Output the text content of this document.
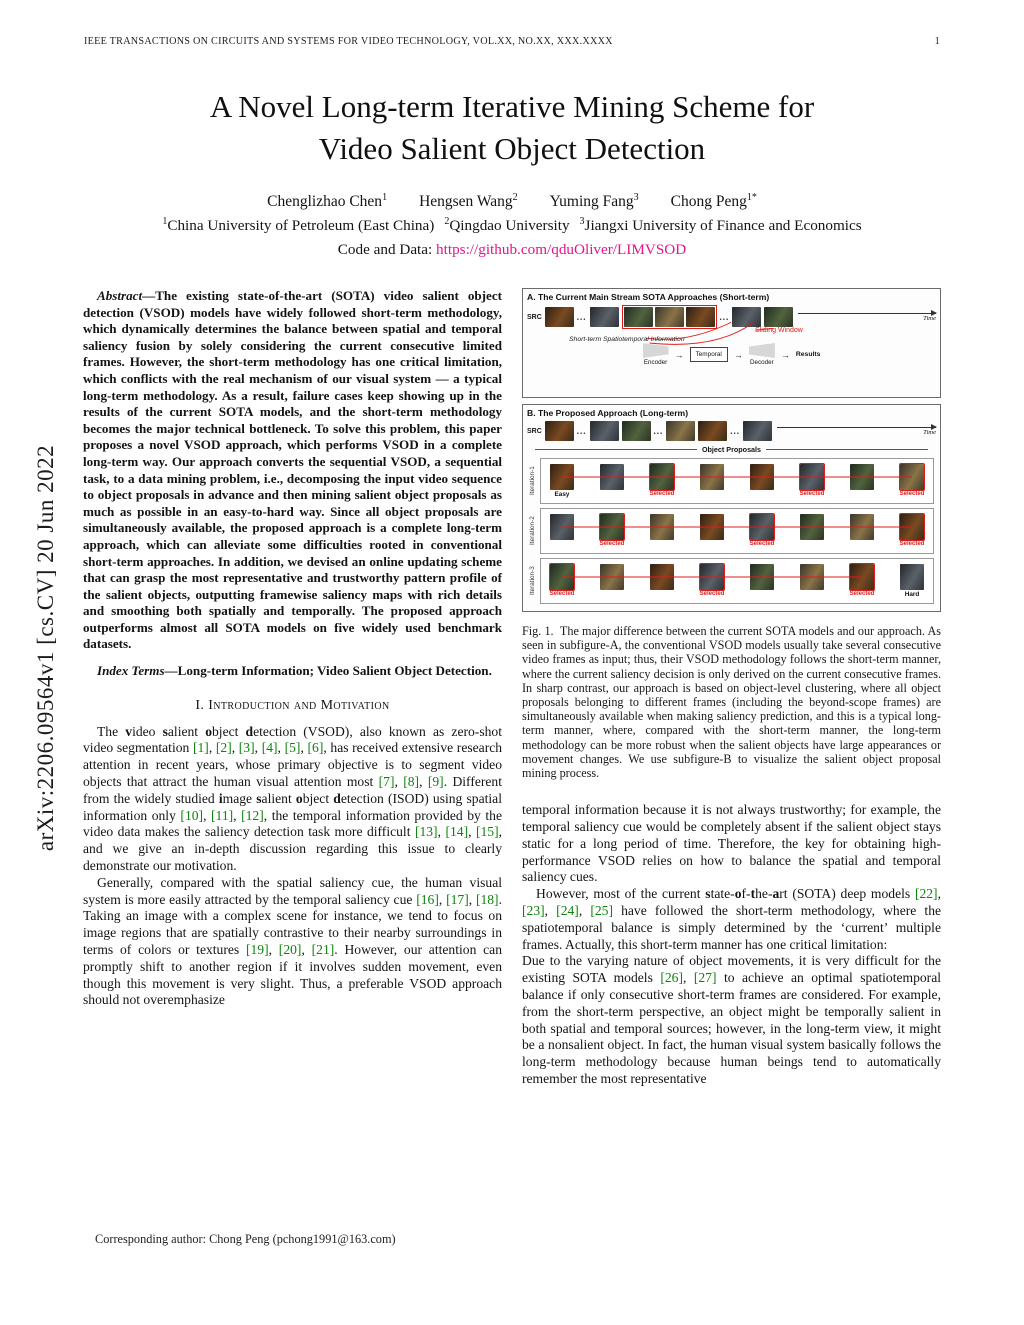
IEEE TRANSACTIONS ON CIRCUITS AND SYSTEMS FOR VIDEO TECHNOLOGY, VOL.XX, NO.XX, XXX.XXXX	1
arXiv:2206.09564v1 [cs.CV] 20 Jun 2022
A Novel Long-term Iterative Mining Scheme for
Video Salient Object Detection
Chenglizhao Chen$^1$ Hengsen Wang$^2$ Yuming Fang$^3$ Chong Peng$^{1*}$
$^1$China University of Petroleum (East China) $^2$Qingdao University $^3$Jiangxi University of Finance and Economics
Code and Data: https://github.com/qduOliver/LIMVSOD

Abstract—The existing state-of-the-art (SOTA) video salient object detection (VSOD) models have widely followed short-term methodology, which dynamically determines the balance between spatial and temporal saliency fusion by solely considering the current consecutive limited frames. However, the short-term methodology has one critical limitation, which conflicts with the real mechanism of our visual system — a typical long-term methodology. As a result, failure cases keep showing up in the results of the current SOTA models, and the short-term methodology becomes the major technical bottleneck. To solve this problem, this paper proposes a novel VSOD approach, which performs VSOD in a complete long-term way. Our approach converts the sequential VSOD, a sequential task, to a data mining problem, i.e., decomposing the input video sequence to object proposals in advance and then mining salient object proposals as much as possible in an easy-to-hard way. Since all object proposals are simultaneously available, the proposed approach is a complete long-term approach, which can alleviate some difficulties rooted in conventional short-term approaches. In addition, we devised an online updating scheme that can grasp the most representative and trustworthy pattern profile of the salient objects, outputting framewise saliency maps with rich details and smoothing both spatially and temporally. The proposed approach outperforms almost all SOTA models on five widely used benchmark datasets.

Index Terms—Long-term Information; Video Salient Object Detection.

I. Introduction and Motivation

The video salient object detection (VSOD), also known as zero-shot video segmentation [1], [2], [3], [4], [5], [6], has received extensive research attention in recent years, whose primary objective is to segment video objects that attract the human visual attention most [7], [8], [9]. Different from the widely studied image salient object detection (ISOD) using spatial information only [10], [11], [12], the temporal information provided by the video data makes the saliency detection task more difficult [13], [14], [15], and we give an in-depth discussion regarding this issue to clearly demonstrate our motivation.

Generally, compared with the spatial saliency cue, the human visual system is more easily attracted by the temporal saliency cue [16], [17], [18]. Taking an image with a complex scene for instance, we tend to focus on image regions that are spatially contrastive to their nearby surroundings in terms of colors or textures [19], [20], [21]. However, our attention can promptly shift to another region if it involves sudden movement, even though this movement is very slight. Thus, a preferable VSOD approach should not overemphasize

Corresponding author: Chong Peng (pchong1991@163.com)
A. The Current Main Stream SOTA Approaches (Short-term)
SRC	...	...	Time
Short-term Spatiotemporal Information
Sliding Window
Encoder
→	Temporal	→
Decoder
→ Results
B. The Proposed Approach (Long-term)
SRC	...	...	...	Time
Object Proposals
Iteration-1	Easy	Selected	Selected	Selected
Iteration-2	Selected	Selected	Selected
Iteration-3	Selected	Selected	Selected	Hard

Fig. 1. The major difference between the current SOTA models and our approach. As seen in subfigure-A, the conventional VSOD models usually take several consecutive video frames as input; thus, their VSOD methodology follows the short-term manner, where the current saliency decision is only derived on the current consecutive frames. In sharp contrast, our approach is based on object-level clustering, where all object proposals belonging to different frames (including the beyond-scope frames) are simultaneously available when making saliency prediction, and this is a typical long-term manner, where, compared with the short-term manner, the long-term methodology can be more robust when the salient objects have large appearances or movement changes. We use subfigure-B to visualize the salient object proposal mining process.

temporal information because it is not always trustworthy; for example, the temporal saliency cue would be completely absent if the salient object stays static for a long period of time. Therefore, the key for obtaining high-performance VSOD relies on how to balance the spatial and temporal saliency cues.

However, most of the current state-of-the-art (SOTA) deep models [22], [23], [24], [25] have followed the short-term methodology, where the spatiotemporal balance is simply determined by the ‘current’ multiple frames. Actually, this short-term manner has one critical limitation:

Due to the varying nature of object movements, it is very difficult for the existing SOTA models [26], [27] to achieve an optimal spatiotemporal balance if only consecutive short-term frames are considered. For example, from the short-term perspective, an object might be temporally salient in both spatial and temporal sources; however, in the long-term view, it might be a nonsalient object. In fact, the human visual system basically follows the long-term methodology because human beings tend to automatically remember the most representative
